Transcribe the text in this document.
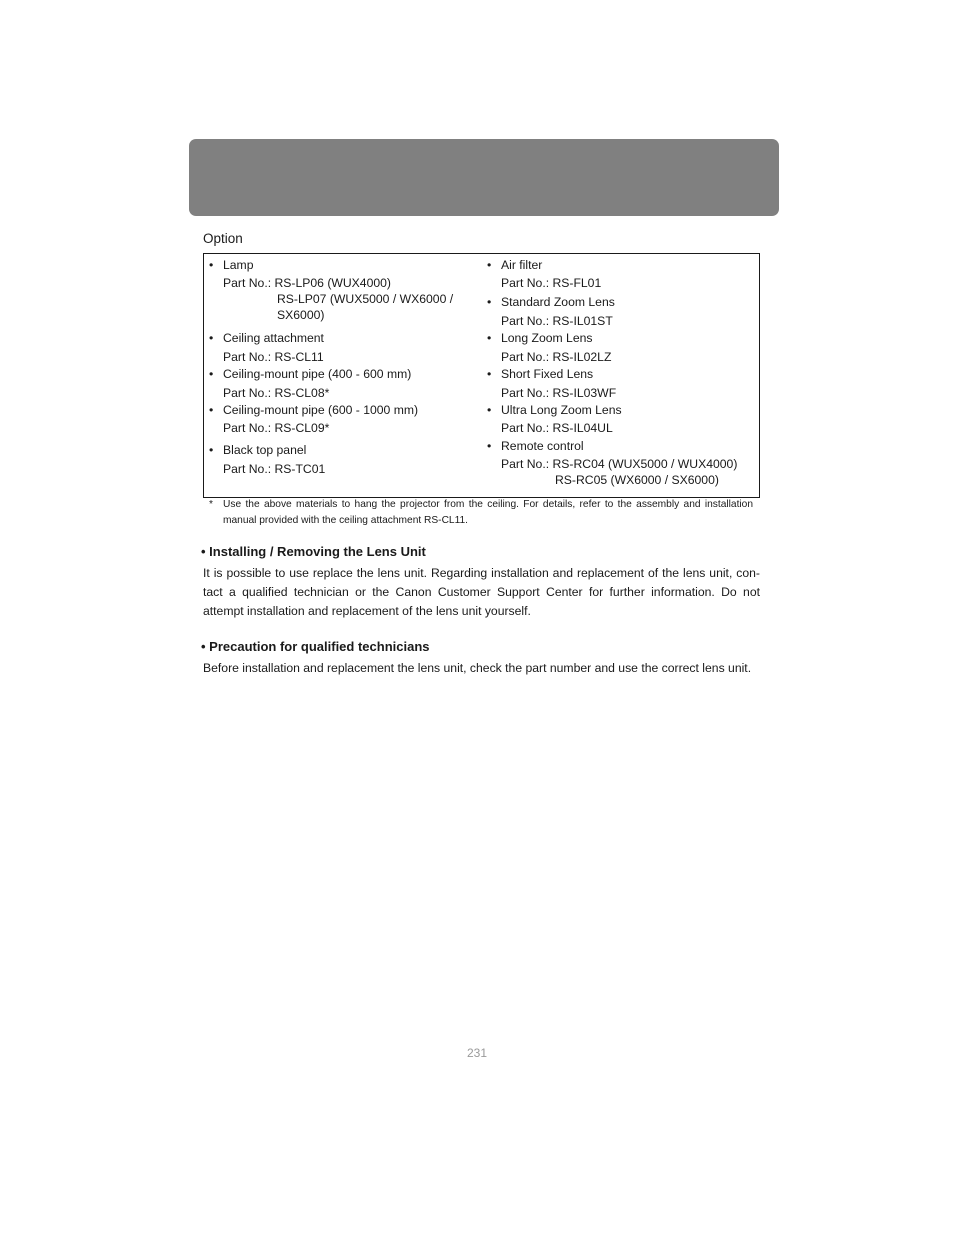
Option
• Lamp
Part No.: RS-LP06 (WUX4000)
RS-LP07 (WUX5000 / WX6000 /
SX6000)
• Ceiling attachment
Part No.: RS-CL11
• Ceiling-mount pipe (400 - 600 mm)
Part No.: RS-CL08*
• Ceiling-mount pipe (600 - 1000 mm)
Part No.: RS-CL09*
• Black top panel
Part No.: RS-TC01
• Air filter
Part No.: RS-FL01
• Standard Zoom Lens
Part No.: RS-IL01ST
• Long Zoom Lens
Part No.: RS-IL02LZ
• Short Fixed Lens
Part No.: RS-IL03WF
• Ultra Long Zoom Lens
Part No.: RS-IL04UL
• Remote control
Part No.: RS-RC04 (WUX5000 / WUX4000)
RS-RC05 (WX6000 / SX6000)
* Use the above materials to hang the projector from the ceiling. For details, refer to the assembly and installation manual provided with the ceiling attachment RS-CL11.
• Installing / Removing the Lens Unit
It is possible to use replace the lens unit. Regarding installation and replacement of the lens unit, con-
tact a qualified technician or the Canon Customer Support Center for further information. Do not
attempt installation and replacement of the lens unit yourself.
• Precaution for qualified technicians
Before installation and replacement the lens unit, check the part number and use the correct lens unit.
231
